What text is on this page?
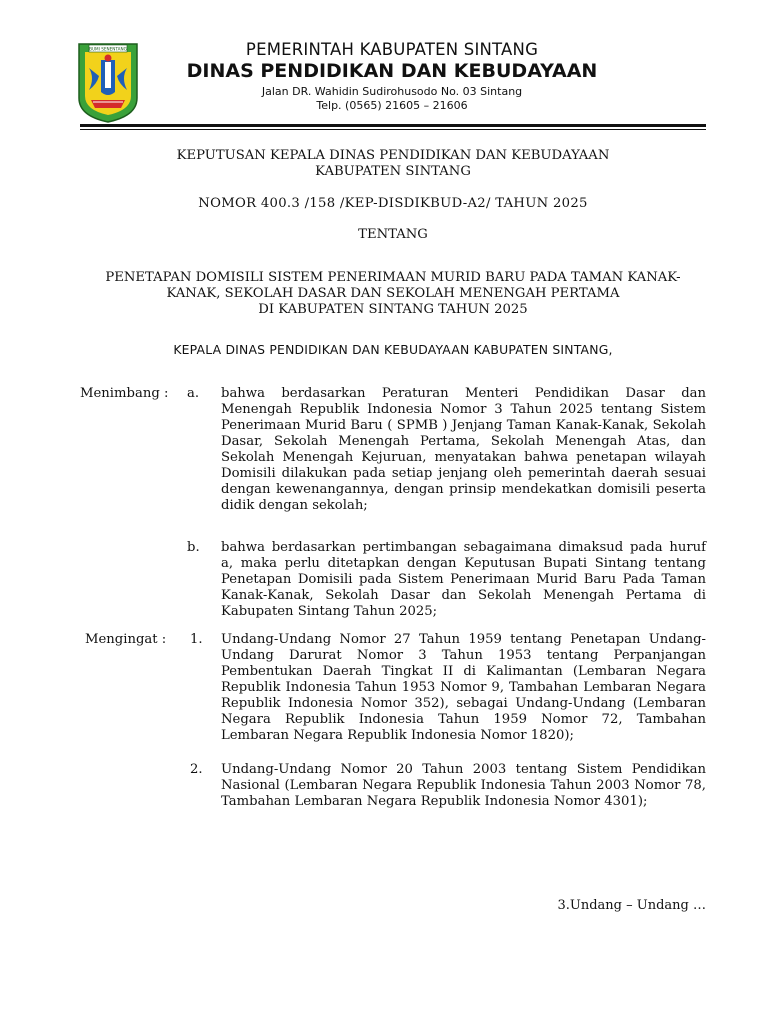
BUMI SENENTANG	PEMERINTAH KABUPATEN SINTANG
DINAS PENDIDIKAN DAN KEBUDAYAAN
Jalan DR. Wahidin Sudirohusodo No. 03 Sintang
Telp. (0565) 21605 – 21606
KEPUTUSAN KEPALA DINAS PENDIDIKAN DAN KEBUDAYAAN
KABUPATEN SINTANG
NOMOR 400.3 /158 /KEP-DISDIKBUD-A2/ TAHUN 2025
TENTANG
PENETAPAN DOMISILI SISTEM PENERIMAAN MURID BARU PADA TAMAN KANAK-
KANAK, SEKOLAH DASAR DAN SEKOLAH MENENGAH PERTAMA
DI KABUPATEN SINTANG TAHUN 2025
KEPALA DINAS PENDIDIKAN DAN KEBUDAYAAN KABUPATEN SINTANG,
Menimbang : a. bahwa berdasarkan Peraturan Menteri Pendidikan Dasar dan Menengah Republik Indonesia Nomor 3 Tahun 2025 tentang Sistem Penerimaan Murid Baru ( SPMB ) Jenjang Taman Kanak-Kanak, Sekolah Dasar, Sekolah Menengah Pertama, Sekolah Menengah Atas, dan Sekolah Menengah Kejuruan, menyatakan bahwa penetapan wilayah Domisili dilakukan pada setiap jenjang oleh pemerintah daerah sesuai dengan kewenangannya, dengan prinsip mendekatkan domisili peserta didik dengan sekolah;
b. bahwa berdasarkan pertimbangan sebagaimana dimaksud pada huruf a, maka perlu ditetapkan dengan Keputusan Bupati Sintang tentang Penetapan Domisili pada Sistem Penerimaan Murid Baru Pada Taman Kanak-Kanak, Sekolah Dasar dan Sekolah Menengah Pertama di Kabupaten Sintang Tahun 2025;
Mengingat : 1. Undang-Undang Nomor 27 Tahun 1959 tentang Penetapan Undang-Undang Darurat Nomor 3 Tahun 1953 tentang Perpanjangan Pembentukan Daerah Tingkat II di Kalimantan (Lembaran Negara Republik Indonesia Tahun 1953 Nomor 9, Tambahan Lembaran Negara Republik Indonesia Nomor 352), sebagai Undang-Undang (Lembaran Negara Republik Indonesia Tahun 1959 Nomor 72, Tambahan Lembaran Negara Republik Indonesia Nomor 1820);
2. Undang-Undang Nomor 20 Tahun 2003 tentang Sistem Pendidikan Nasional (Lembaran Negara Republik Indonesia Tahun 2003 Nomor 78, Tambahan Lembaran Negara Republik Indonesia Nomor 4301);
3.Undang – Undang …
